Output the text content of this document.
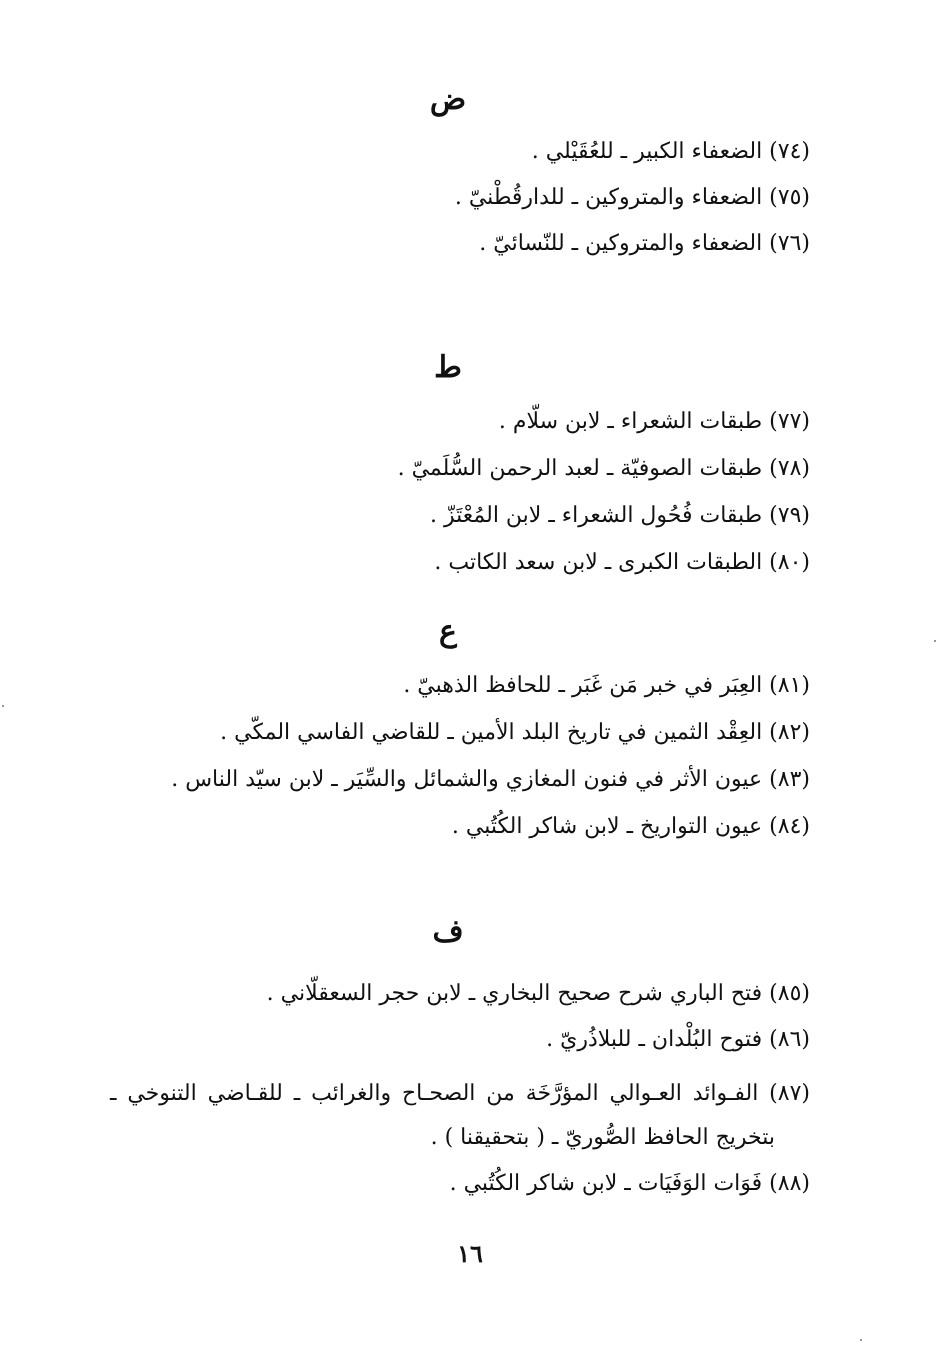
ض
(٧٤) الضعفاء الكبير ـ للعُقَيْلي .
(٧٥) الضعفاء والمتروكين ـ للدارقُطْنيّ .
(٧٦) الضعفاء والمتروكين ـ للنّسائيّ .
ط
(٧٧) طبقات الشعراء ـ لابن سلّام .
(٧٨) طبقات الصوفيّة ـ لعبد الرحمن السُّلَميّ .
(٧٩) طبقات فُحُول الشعراء ـ لابن المُعْتَزّ .
(٨٠) الطبقات الكبرى ـ لابن سعد الكاتب .
ع
(٨١) العِبَر في خبر مَن غَبَر ـ للحافظ الذهبيّ .
(٨٢) العِقْد الثمين في تاريخ البلد الأمين ـ للقاضي الفاسي المكّي .
(٨٣) عيون الأثر في فنون المغازي والشمائل والسِّيَر ـ لابن سيّد الناس .
(٨٤) عيون التواريخ ـ لابن شاكر الكُتُبي .
ف
(٨٥) فتح الباري شرح صحيح البخاري ـ لابن حجر السعقلّاني .
(٨٦) فتوح البُلْدان ـ للبلاذُريّ .
(٨٧) الفـوائد العـوالي المؤرَّخَة من الصحـاح والغرائب ـ للقـاضي التنوخي ـ
بتخريج الحافظ الصُّوريّ ـ ( بتحقيقنا ) .
(٨٨) فَوَات الوَفَيَات ـ لابن شاكر الكُتُبي .
١٦
